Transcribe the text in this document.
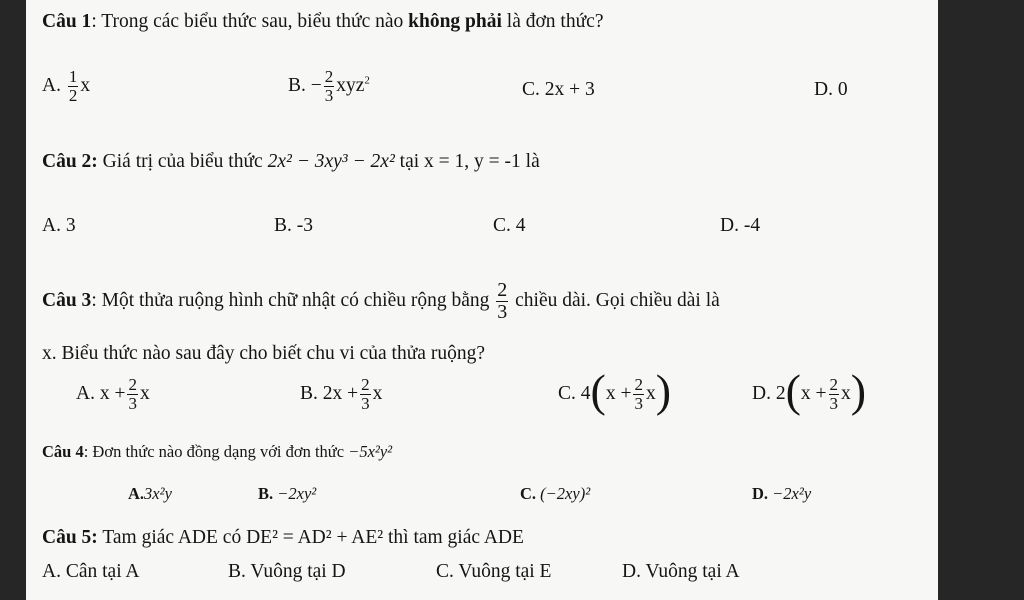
Câu 1: Trong các biểu thức sau, biểu thức nào không phải là đơn thức?
A. $\frac{1}{2}$ x	B. − $\frac{2}{3} xyz^2$	C. 2x + 3	D. 0
Câu 2: Giá trị của biểu thức 2x² − 3xy³ − 2x² tại x = 1, y = -1 là
A. 3	B. -3	C. 4	D. -4
Câu 3: Một thửa ruộng hình chữ nhật có chiều rộng bằng $\frac{2}{3}$ chiều dài. Gọi chiều dài là
x. Biểu thức nào sau đây cho biết chu vi của thửa ruộng?
A. $x + \frac{2}{3}$ x	B. $2x + \frac{2}{3}$ x	C. $4(x + \frac{2}{3} x)$	D. $2(x + \frac{2}{3} x)$
Câu 4: Đơn thức nào đồng dạng với đơn thức −5x²y²
A.3x²y	B. −2xy²	C. (−2xy)²	D. −2x²y
Câu 5: Tam giác ADE có DE² = AD² + AE² thì tam giác ADE
A. Cân tại A	B. Vuông tại D	C. Vuông tại E	D. Vuông tại A
